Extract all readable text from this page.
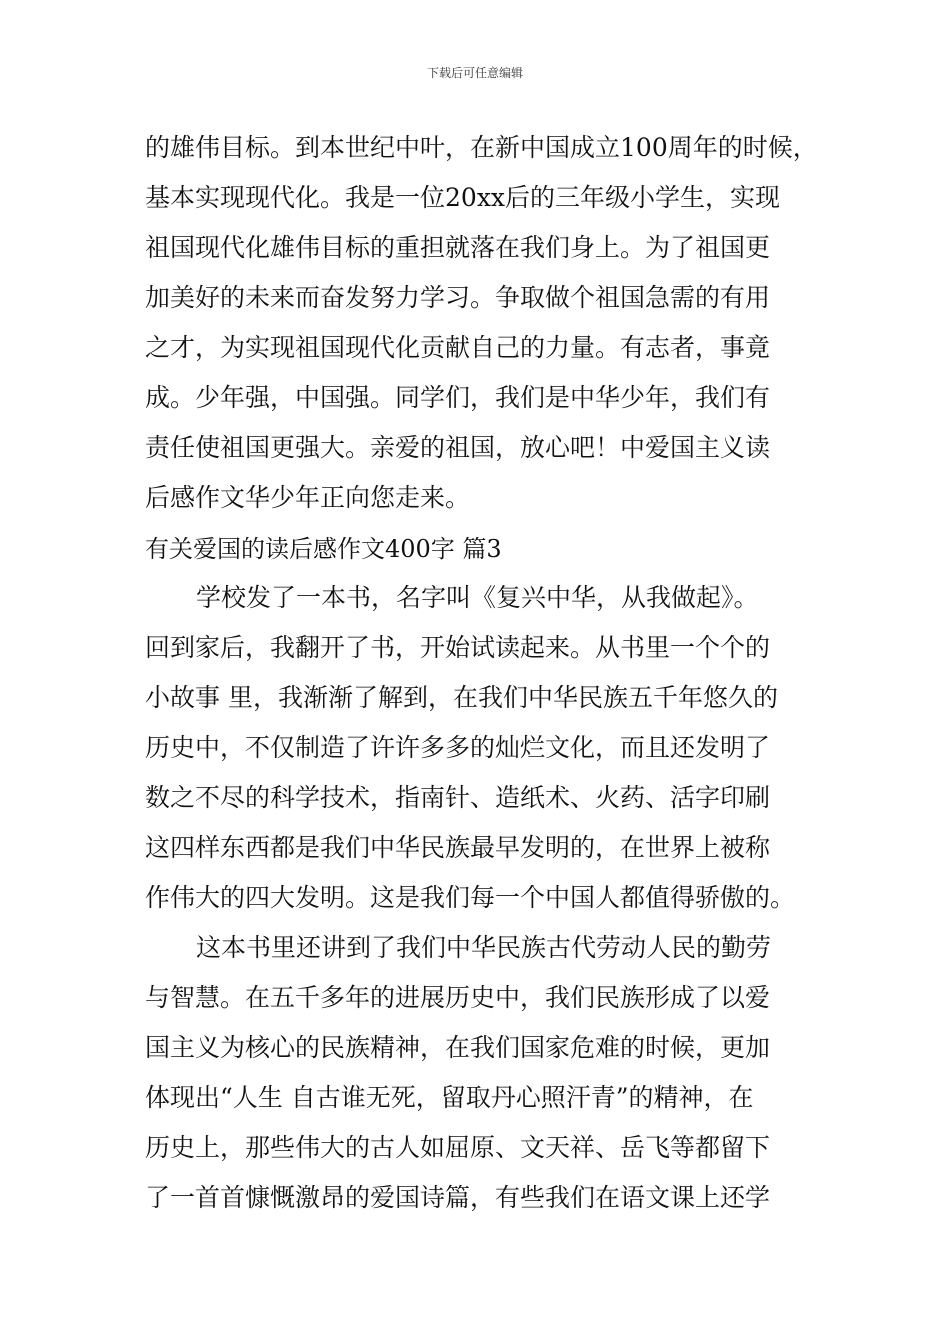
下载后可任意编辑
的雄伟目标。到本世纪中叶，在新中国成立100周年的时候，
基本实现现代化。我是一位20xx后的三年级小学生，实现
祖国现代化雄伟目标的重担就落在我们身上。为了祖国更
加美好的未来而奋发努力学习。争取做个祖国急需的有用
之才，为实现祖国现代化贡献自己的力量。有志者，事竟
成。少年强，中国强。同学们，我们是中华少年，我们有
责任使祖国更强大。亲爱的祖国，放心吧！中爱国主义读
后感作文华少年正向您走来。
有关爱国的读后感作文400字 篇3
学校发了一本书，名字叫《复兴中华，从我做起》。
回到家后，我翻开了书，开始试读起来。从书里一个个的
小故事 里，我渐渐了解到，在我们中华民族五千年悠久的
历史中，不仅制造了许许多多的灿烂文化，而且还发明了
数之不尽的科学技术，指南针、造纸术、火药、活字印刷
这四样东西都是我们中华民族最早发明的，在世界上被称
作伟大的四大发明。这是我们每一个中国人都值得骄傲的。
这本书里还讲到了我们中华民族古代劳动人民的勤劳
与智慧。在五千多年的进展历史中，我们民族形成了以爱
国主义为核心的民族精神，在我们国家危难的时候，更加
体现出“人生 自古谁无死，留取丹心照汗青”的精神，在
历史上，那些伟大的古人如屈原、文天祥、岳飞等都留下
了一首首慷慨激昂的爱国诗篇，有些我们在语文课上还学
